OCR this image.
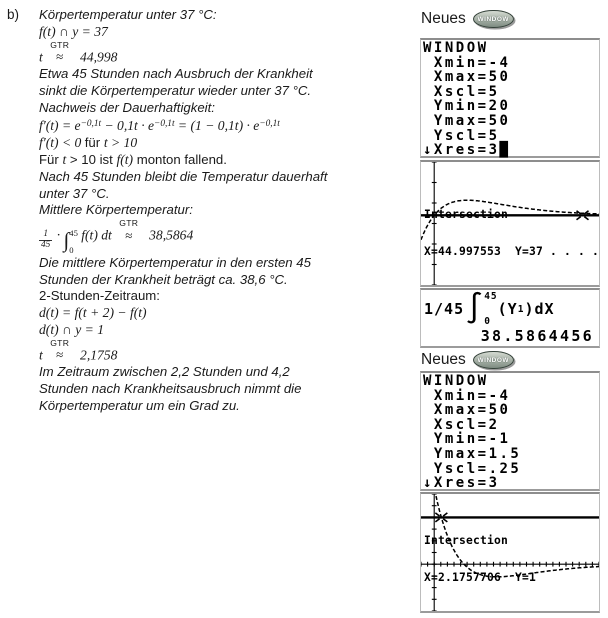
b) Körpertemperatur unter 37 °C:
f(t) ∩ y = 37
t
GTR
≈ 44,998
Etwa 45 Stunden nach Ausbruch der Krankheit
sinkt die Körpertemperatur wieder unter 37 °C.
Nachweis der Dauerhaftigkeit:
$f'(t) = e^{-0,1t} - 0,1t \cdot e^{-0,1t} = (1 - 0,1t) \cdot e^{-0,1t}$
f′(t) < 0 für t > 10
Für t > 10 ist f(t) monton fallend.
Nach 45 Stunden bleibt die Temperatur dauerhaft
unter 37 °C.
Mittlere Körpertemperatur:
$\frac{1}{45}$ · ∫ 45
0
f(t) dt
GTR
≈ 38,5864
Die mittlere Körpertemperatur in den ersten 45
Stunden der Krankheit beträgt ca. 38,6 °C.
2-Stunden-Zeitraum:
d(t) = f(t + 2) − f(t)
d(t) ∩ y = 1
t
GTR
≈ 2,1758
Im Zeitraum zwischen 2,2 Stunden und 4,2
Stunden nach Krankheitsausbruch nimmt die
Körpertemperatur um ein Grad zu.
Neues WINDOW
WINDOW
Xmin=-4
Xmax=50
Xscl=5
Ymin=20
Ymax=50
Yscl=5
↓Xres=3█

Intersection

X=44.997553  Y=37 . . . .

1/45 ∫ 45
0
(Y 1 )dX
38.5864456
Neues WINDOW
WINDOW
Xmin=-4
Xmax=50
Xscl=2
Ymin=-1
Ymax=1.5
Yscl=.25
↓Xres=3

Intersection

X=2.1757706  Y=1
